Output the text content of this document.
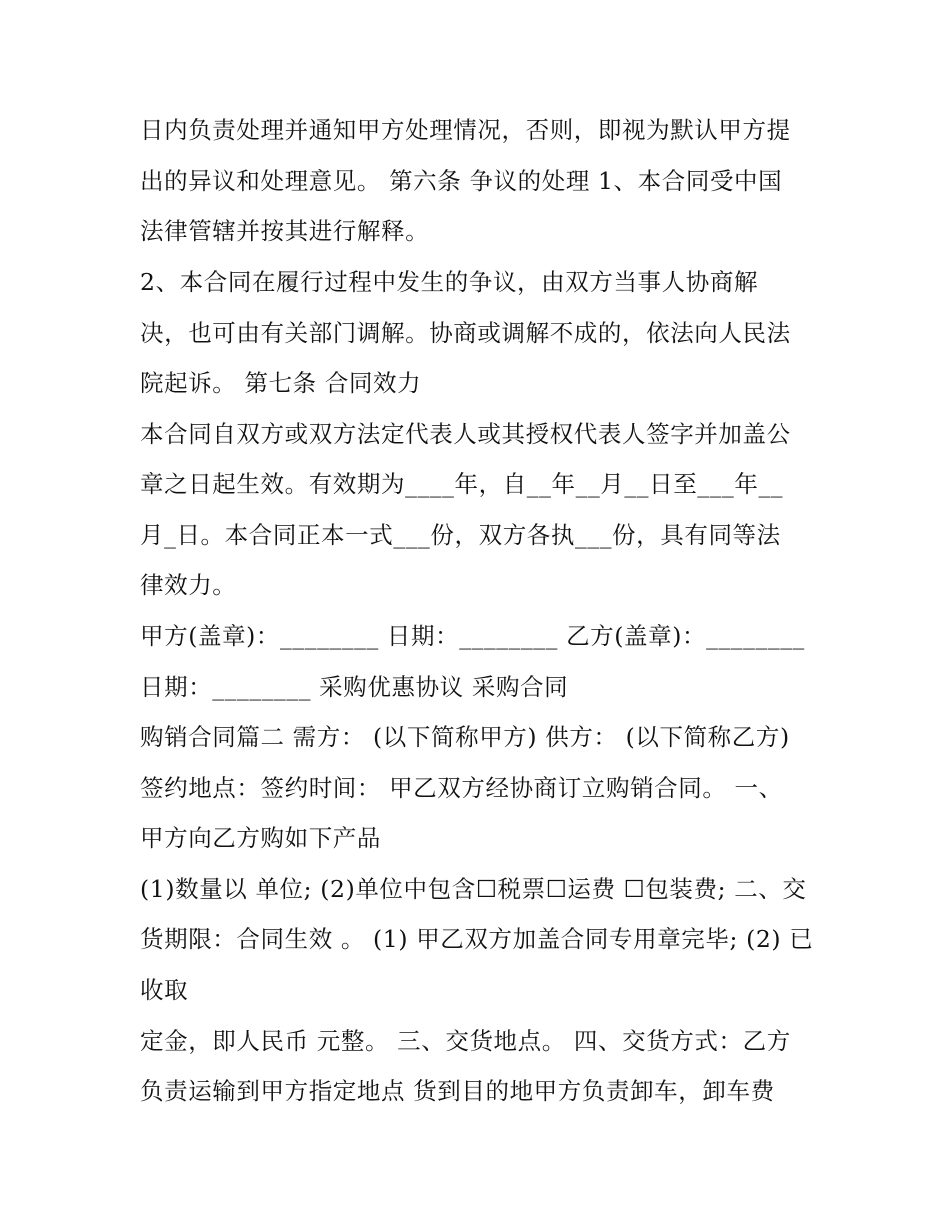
日内负责处理并通知甲方处理情况，否则，即视为默认甲方提
出的异议和处理意见。 第六条 争议的处理 1、本合同受中国
法律管辖并按其进行解释。
2、本合同在履行过程中发生的争议，由双方当事人协商解
决，也可由有关部门调解。协商或调解不成的，依法向人民法
院起诉。 第七条 合同效力
本合同自双方或双方法定代表人或其授权代表人签字并加盖公
章之日起生效。有效期为____年，自__年__月__日至___年__
月_日。本合同正本一式___份，双方各执___份，具有同等法
律效力。
甲方(盖章)：________ 日期：________ 乙方(盖章)：________
日期：________ 采购优惠协议 采购合同
购销合同篇二 需方： (以下简称甲方) 供方： (以下简称乙方)
签约地点：签约时间： 甲乙双方经协商订立购销合同。 一、
甲方向乙方购如下产品
(1)数量以 单位; (2)单位中包含☐税票☐运费 ☐包装费; 二、交
货期限：合同生效 。 (1) 甲乙双方加盖合同专用章完毕; (2) 已
收取
定金，即人民币 元整。 三、交货地点。 四、交货方式：乙方
负责运输到甲方指定地点 货到目的地甲方负责卸车，卸车费
